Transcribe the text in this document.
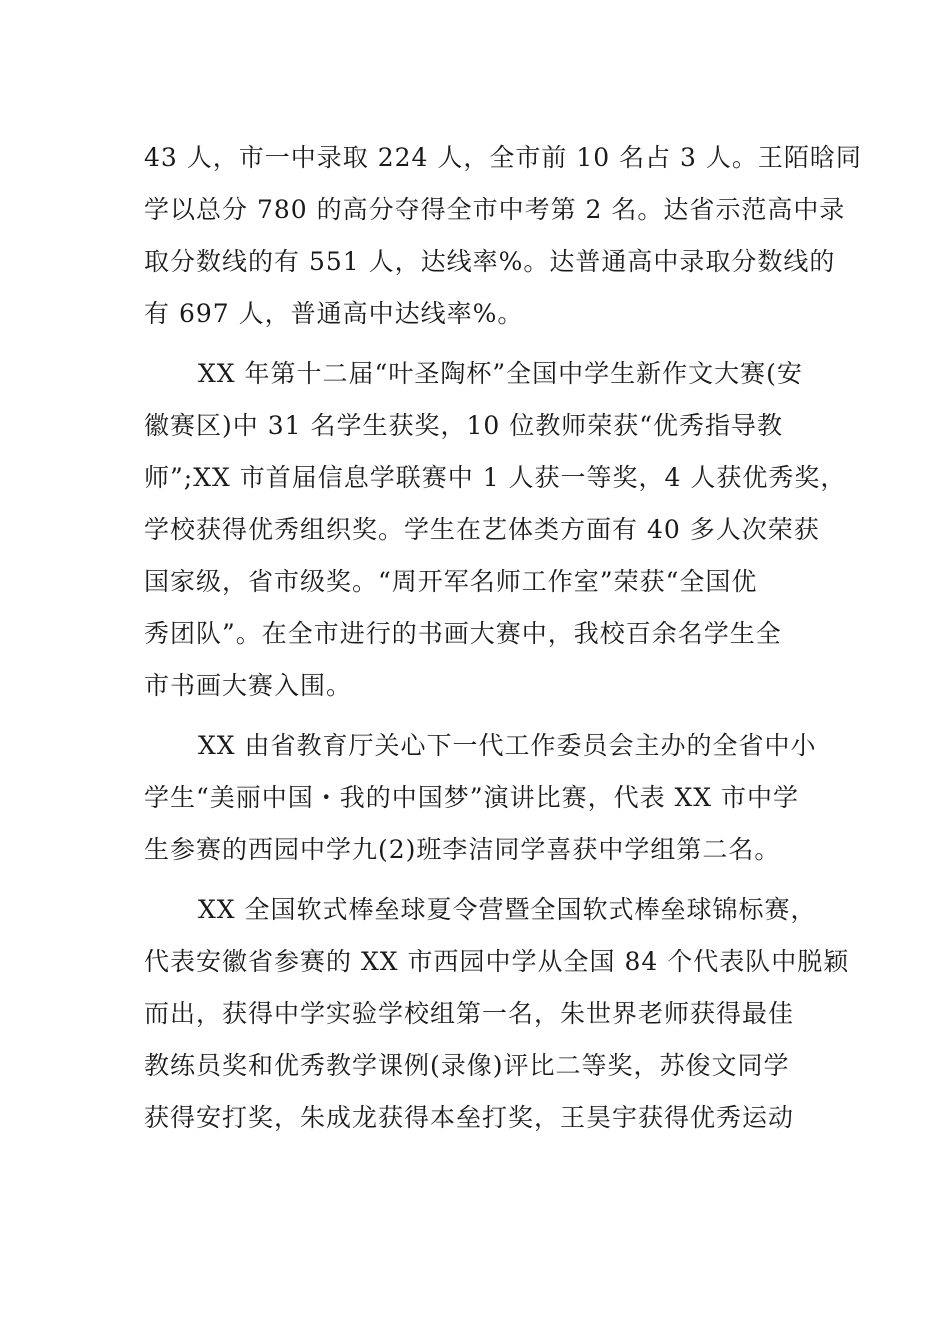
43 人，市一中录取 224 人，全市前 10 名占 3 人。王陌晗同
学以总分 780 的高分夺得全市中考第 2 名。达省示范高中录
取分数线的有 551 人，达线率%。达普通高中录取分数线的
有 697 人，普通高中达线率%。
XX 年第十二届“叶圣陶杯”全国中学生新作文大赛(安
徽赛区)中 31 名学生获奖，10 位教师荣获“优秀指导教
师”;XX 市首届信息学联赛中 1 人获一等奖，4 人获优秀奖，
学校获得优秀组织奖。学生在艺体类方面有 40 多人次荣获
国家级，省市级奖。“周开军名师工作室”荣获“全国优
秀团队”。在全市进行的书画大赛中，我校百余名学生全
市书画大赛入围。
XX 由省教育厅关心下一代工作委员会主办的全省中小
学生“美丽中国・我的中国梦”演讲比赛，代表 XX 市中学
生参赛的西园中学九(2)班李洁同学喜获中学组第二名。
XX 全国软式棒垒球夏令营暨全国软式棒垒球锦标赛，
代表安徽省参赛的 XX 市西园中学从全国 84 个代表队中脱颖
而出，获得中学实验学校组第一名，朱世界老师获得最佳
教练员奖和优秀教学课例(录像)评比二等奖，苏俊文同学
获得安打奖，朱成龙获得本垒打奖，王昊宇获得优秀运动
